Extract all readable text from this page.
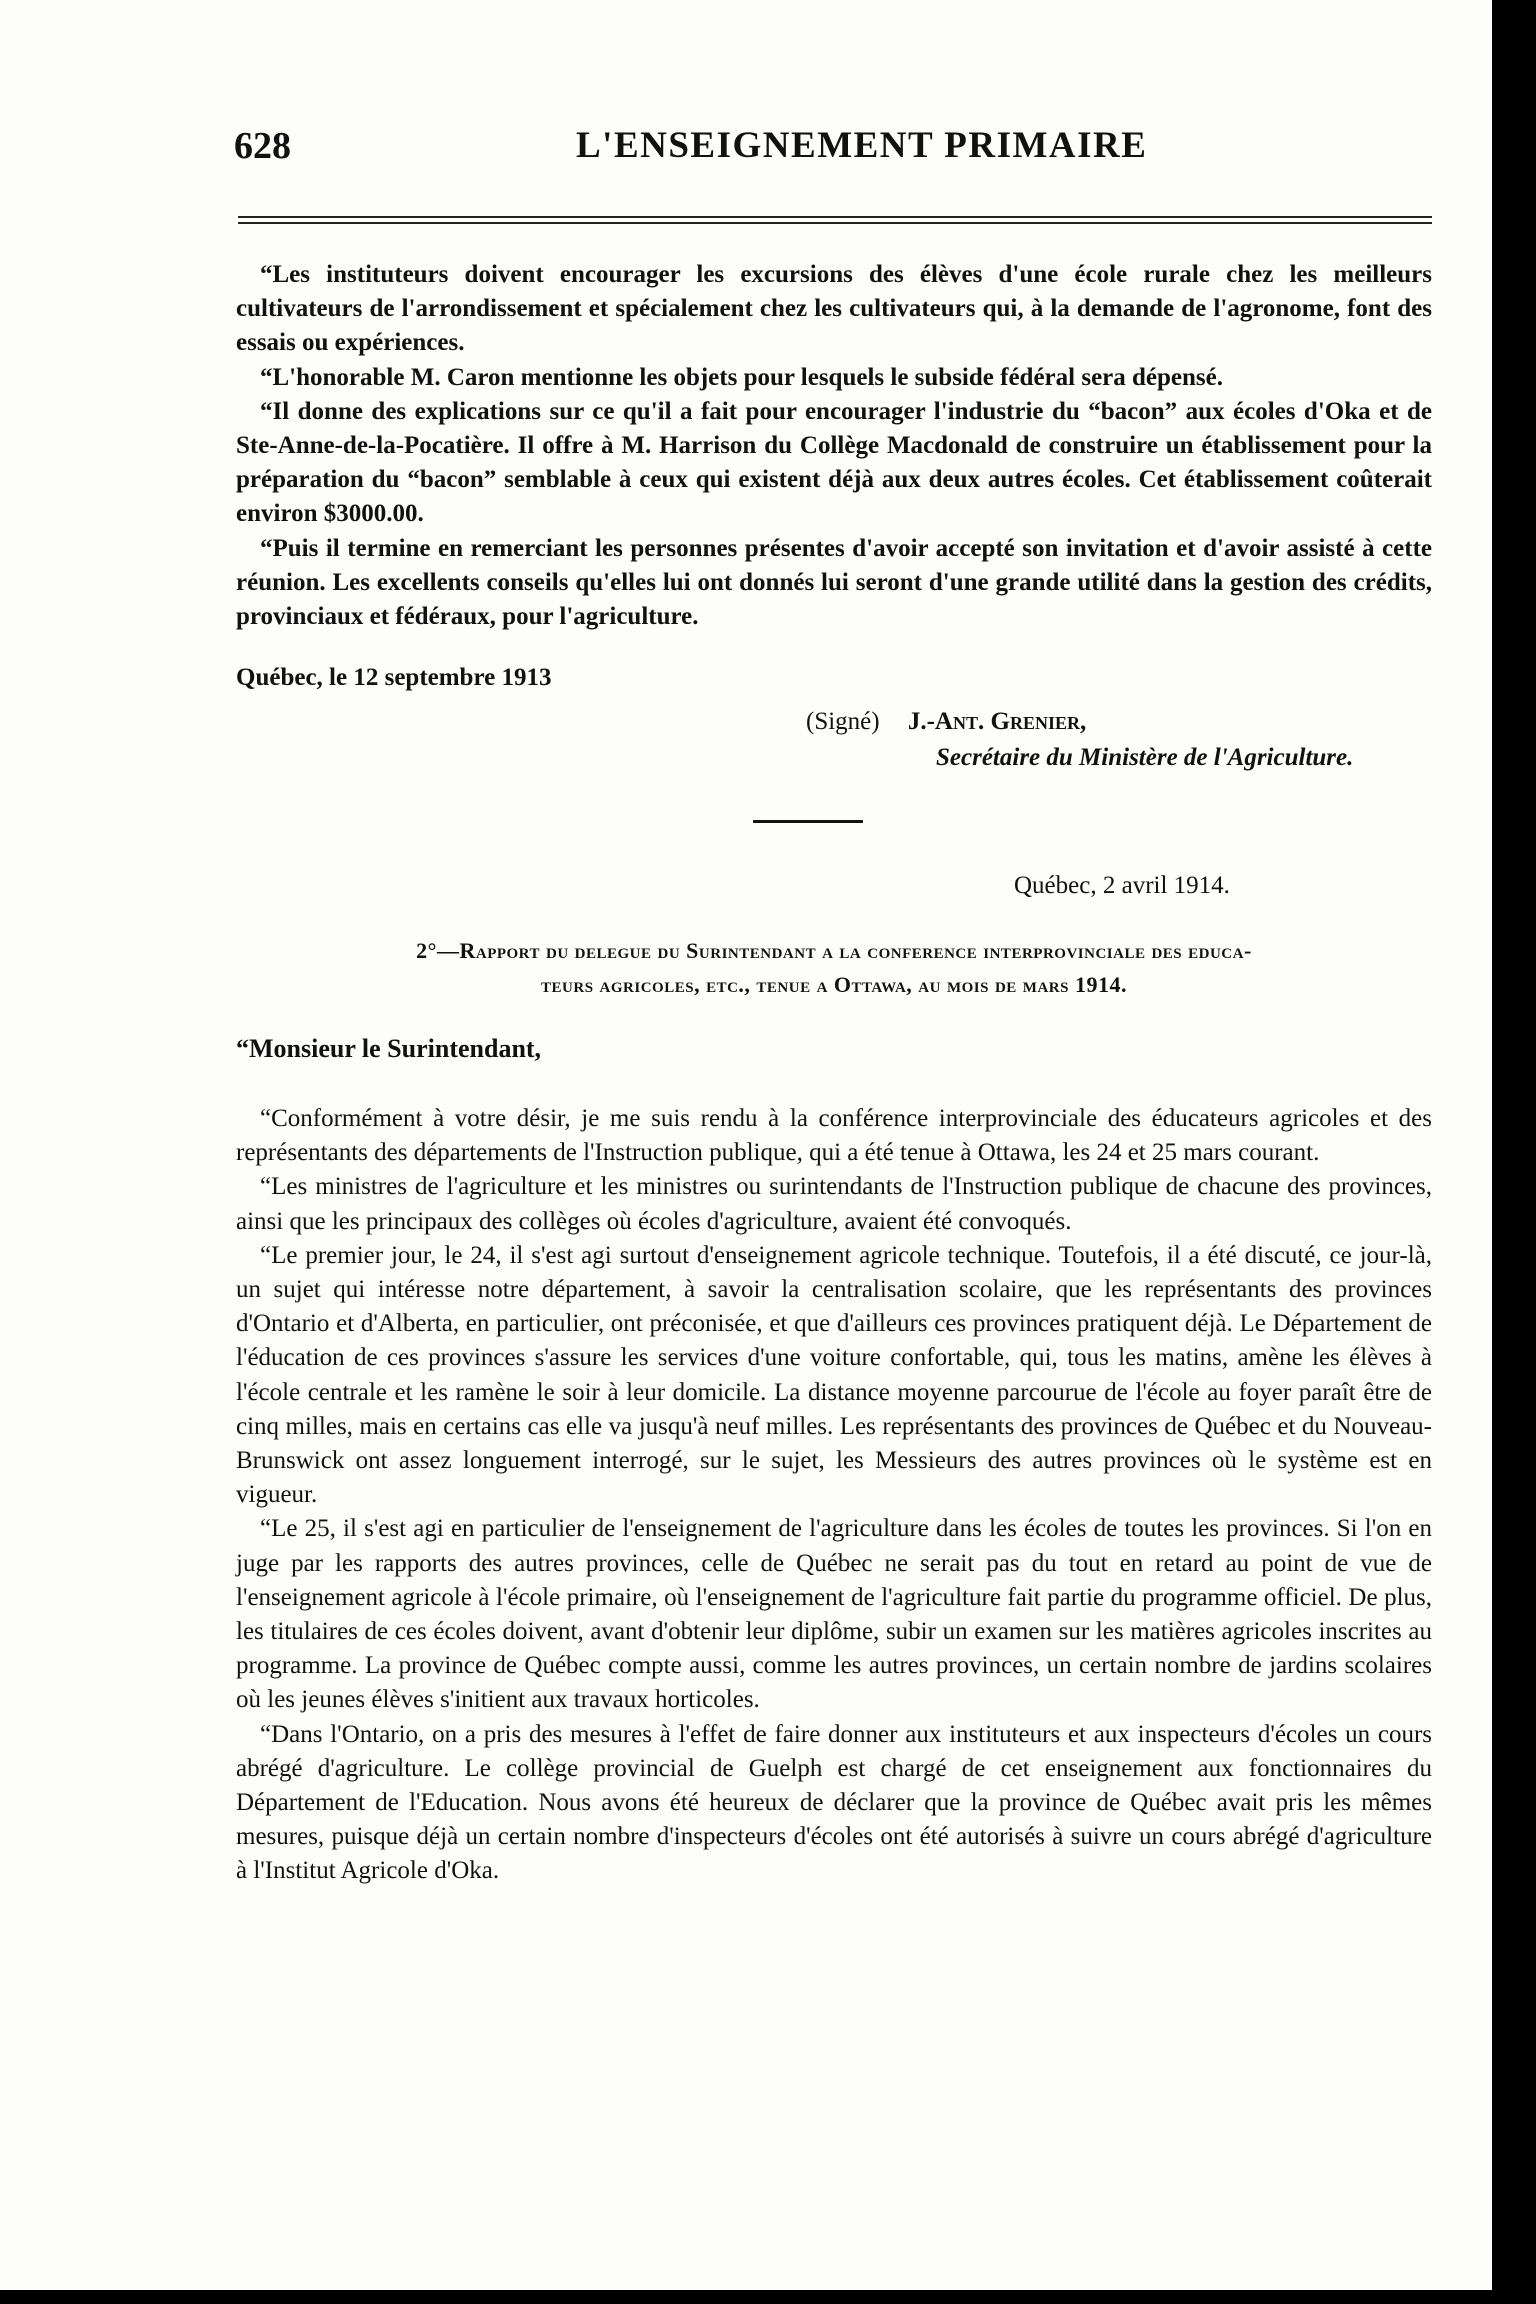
628	L'ENSEIGNEMENT PRIMAIRE

“Les instituteurs doivent encourager les excursions des élèves d'une école rurale chez les meilleurs cultivateurs de l'arrondissement et spécialement chez les cultivateurs qui, à la demande de l'agronome, font des essais ou expériences.

“L'honorable M. Caron mentionne les objets pour lesquels le subside fédéral sera dépensé.

“Il donne des explications sur ce qu'il a fait pour encourager l'industrie du “bacon” aux écoles d'Oka et de Ste-Anne-de-la-Pocatière. Il offre à M. Harrison du Collège Macdonald de construire un établissement pour la préparation du “bacon” semblable à ceux qui existent déjà aux deux autres écoles. Cet établissement coûterait environ $3000.00.

“Puis il termine en remerciant les personnes présentes d'avoir accepté son invitation et d'avoir assisté à cette réunion. Les excellents conseils qu'elles lui ont donnés lui seront d'une grande utilité dans la gestion des crédits, provinciaux et fédéraux, pour l'agriculture.

Québec, le 12 septembre 1913
(Signé) J.-Ant. Grenier,
Secrétaire du Ministère de l'Agriculture.
Québec, 2 avril 1914.
2°—Rapport du delegue du Surintendant a la conference interprovinciale des educa-
teurs agricoles, etc., tenue a Ottawa, au mois de mars 1914.
“Monsieur le Surintendant,

“Conformément à votre désir, je me suis rendu à la conférence interprovinciale des éducateurs agricoles et des représentants des départements de l'Instruction publique, qui a été tenue à Ottawa, les 24 et 25 mars courant.

“Les ministres de l'agriculture et les ministres ou surintendants de l'Instruction publique de chacune des provinces, ainsi que les principaux des collèges où écoles d'agriculture, avaient été convoqués.

“Le premier jour, le 24, il s'est agi surtout d'enseignement agricole technique. Toutefois, il a été discuté, ce jour-là, un sujet qui intéresse notre département, à savoir la centralisation scolaire, que les représentants des provinces d'Ontario et d'Alberta, en particulier, ont préconisée, et que d'ailleurs ces provinces pratiquent déjà. Le Département de l'éducation de ces provinces s'assure les services d'une voiture confortable, qui, tous les matins, amène les élèves à l'école centrale et les ramène le soir à leur domicile. La distance moyenne parcourue de l'école au foyer paraît être de cinq milles, mais en certains cas elle va jusqu'à neuf milles. Les représentants des provinces de Québec et du Nouveau-Brunswick ont assez longuement interrogé, sur le sujet, les Messieurs des autres provinces où le système est en vigueur.

“Le 25, il s'est agi en particulier de l'enseignement de l'agriculture dans les écoles de toutes les provinces. Si l'on en juge par les rapports des autres provinces, celle de Québec ne serait pas du tout en retard au point de vue de l'enseignement agricole à l'école primaire, où l'enseignement de l'agriculture fait partie du programme officiel. De plus, les titulaires de ces écoles doivent, avant d'obtenir leur diplôme, subir un examen sur les matières agricoles inscrites au programme. La province de Québec compte aussi, comme les autres provinces, un certain nombre de jardins scolaires où les jeunes élèves s'initient aux travaux horticoles.

“Dans l'Ontario, on a pris des mesures à l'effet de faire donner aux instituteurs et aux inspecteurs d'écoles un cours abrégé d'agriculture. Le collège provincial de Guelph est chargé de cet enseignement aux fonctionnaires du Département de l'Education. Nous avons été heureux de déclarer que la province de Québec avait pris les mêmes mesures, puisque déjà un certain nombre d'inspecteurs d'écoles ont été autorisés à suivre un cours abrégé d'agriculture à l'Institut Agricole d'Oka.
